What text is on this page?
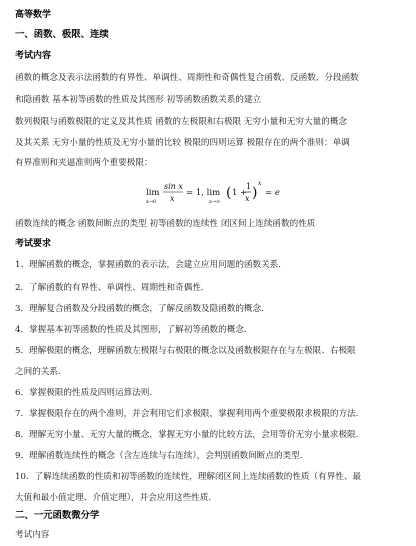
高等数学
一、函数、极限、连续
考试内容
函数的概念及表示法函数的有界性、单调性、周期性和奇偶性复合函数、反函数、分段函数
和隐函数 基本初等函数的性质及其图形 初等函数函数关系的建立
数列极限与函数极限的定义及其性质 函数的左极限和右极限 无穷小量和无穷大量的概念
及其关系 无穷小量的性质及无穷小量的比较 极限的四则运算 极限存在的两个准则：单调
有界准则和夹逼准则两个重要极限：
lim
x→0
sin x
x
= 1, lim
x→∞
( 1 +
1
x )
x
= e
函数连续的概念 函数间断点的类型 初等函数的连续性 闭区间上连续函数的性质
考试要求
1、理解函数的概念，掌握函数的表示法，会建立应用问题的函数关系.
2．了解函数的有界性、单调性、周期性和奇偶性.
3．理解复合函数及分段函数的概念，了解反函数及隐函数的概念.
4．掌握基本初等函数的性质及其图形，了解初等函数的概念.
5．理解极限的概念，理解函数左极限与右极限的概念以及函数极限存在与左极限、右极限
之间的关系.
6．掌握极限的性质及四则运算法则.
7．掌握极限存在的两个准则，并会利用它们求极限，掌握利用两个重要极限求极限的方法.
8．理解无穷小量、无穷大量的概念，掌握无穷小量的比较方法，会用等价无穷小量求极限.
9．理解函数连续性的概念（含左连续与右连续），会判别函数间断点的类型.
10．了解连续函数的性质和初等函数的连续性，理解闭区间上连续函数的性质（有界性、最
大值和最小值定理、介值定理），并会应用这些性质.
二、一元函数微分学
考试内容
